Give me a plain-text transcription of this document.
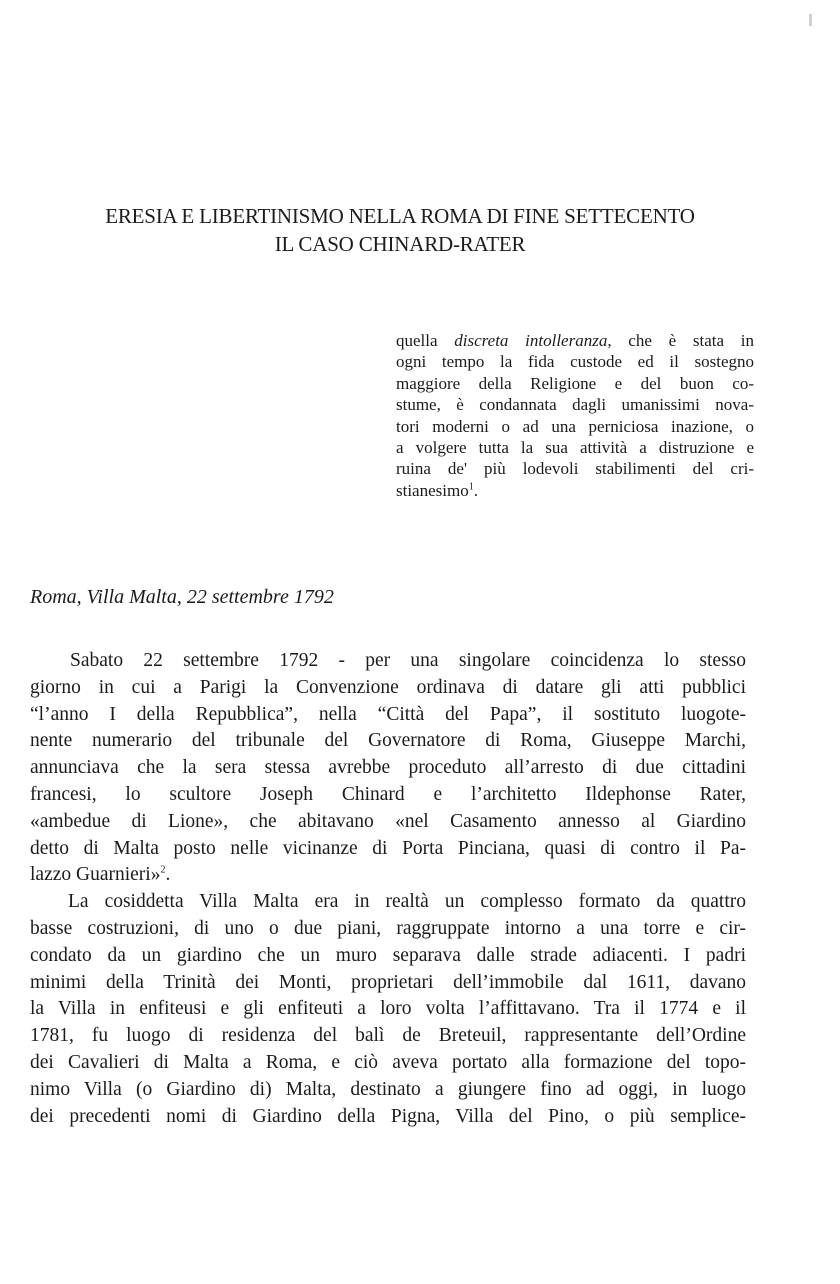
ERESIA E LIBERTINISMO NELLA ROMA DI FINE SETTECENTO
IL CASO CHINARD-RATER
quella discreta intolleranza, che è stata in
ogni tempo la fida custode ed il sostegno
maggiore della Religione e del buon co-
stume, è condannata dagli umanissimi nova-
tori moderni o ad una perniciosa inazione, o
a volgere tutta la sua attività a distruzione e
ruina de' più lodevoli stabilimenti del cri-
stianesimo$^1$.
Roma, Villa Malta, 22 settembre 1792
Sabato 22 settembre 1792 - per una singolare coincidenza lo stesso
giorno in cui a Parigi la Convenzione ordinava di datare gli atti pubblici
“l’anno I della Repubblica”, nella “Città del Papa”, il sostituto luogote-
nente numerario del tribunale del Governatore di Roma, Giuseppe Marchi,
annunciava che la sera stessa avrebbe proceduto all’arresto di due cittadini
francesi, lo scultore Joseph Chinard e l’architetto Ildephonse Rater,
«ambedue di Lione», che abitavano «nel Casamento annesso al Giardino
detto di Malta posto nelle vicinanze di Porta Pinciana, quasi di contro il Pa-
lazzo Guarnieri»$^2$.
La cosiddetta Villa Malta era in realtà un complesso formato da quattro
basse costruzioni, di uno o due piani, raggruppate intorno a una torre e cir-
condato da un giardino che un muro separava dalle strade adiacenti. I padri
minimi della Trinità dei Monti, proprietari dell’immobile dal 1611, davano
la Villa in enfiteusi e gli enfiteuti a loro volta l’affittavano. Tra il 1774 e il
1781, fu luogo di residenza del balì de Breteuil, rappresentante dell’Ordine
dei Cavalieri di Malta a Roma, e ciò aveva portato alla formazione del topo-
nimo Villa (o Giardino di) Malta, destinato a giungere fino ad oggi, in luogo
dei precedenti nomi di Giardino della Pigna, Villa del Pino, o più semplice-
